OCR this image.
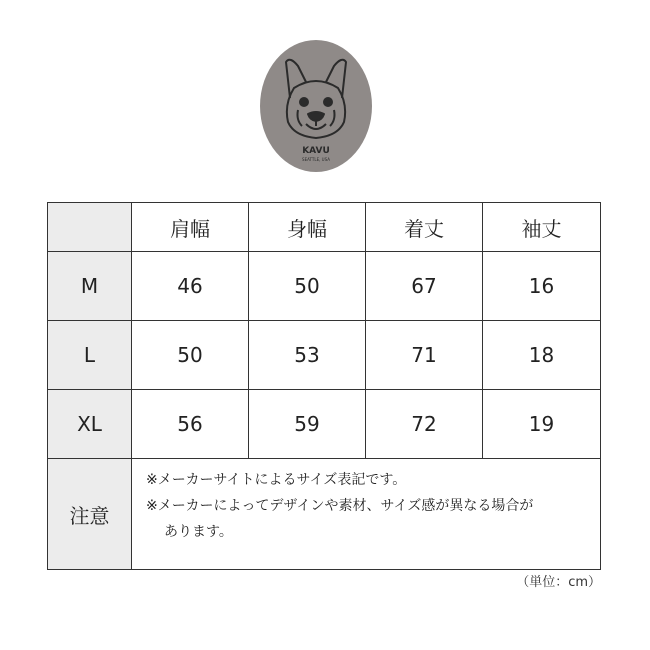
KAVU
SEATTLE, USA
	肩幅	身幅	着丈	袖丈
M	46	50	67	16
L	50	53	71	18
XL	56	59	72	19
注意	※メーカーサイトによるサイズ表記です。
※メーカーによってデザインや素材、サイズ感が異なる場合が
あります。			
（単位：cm）
